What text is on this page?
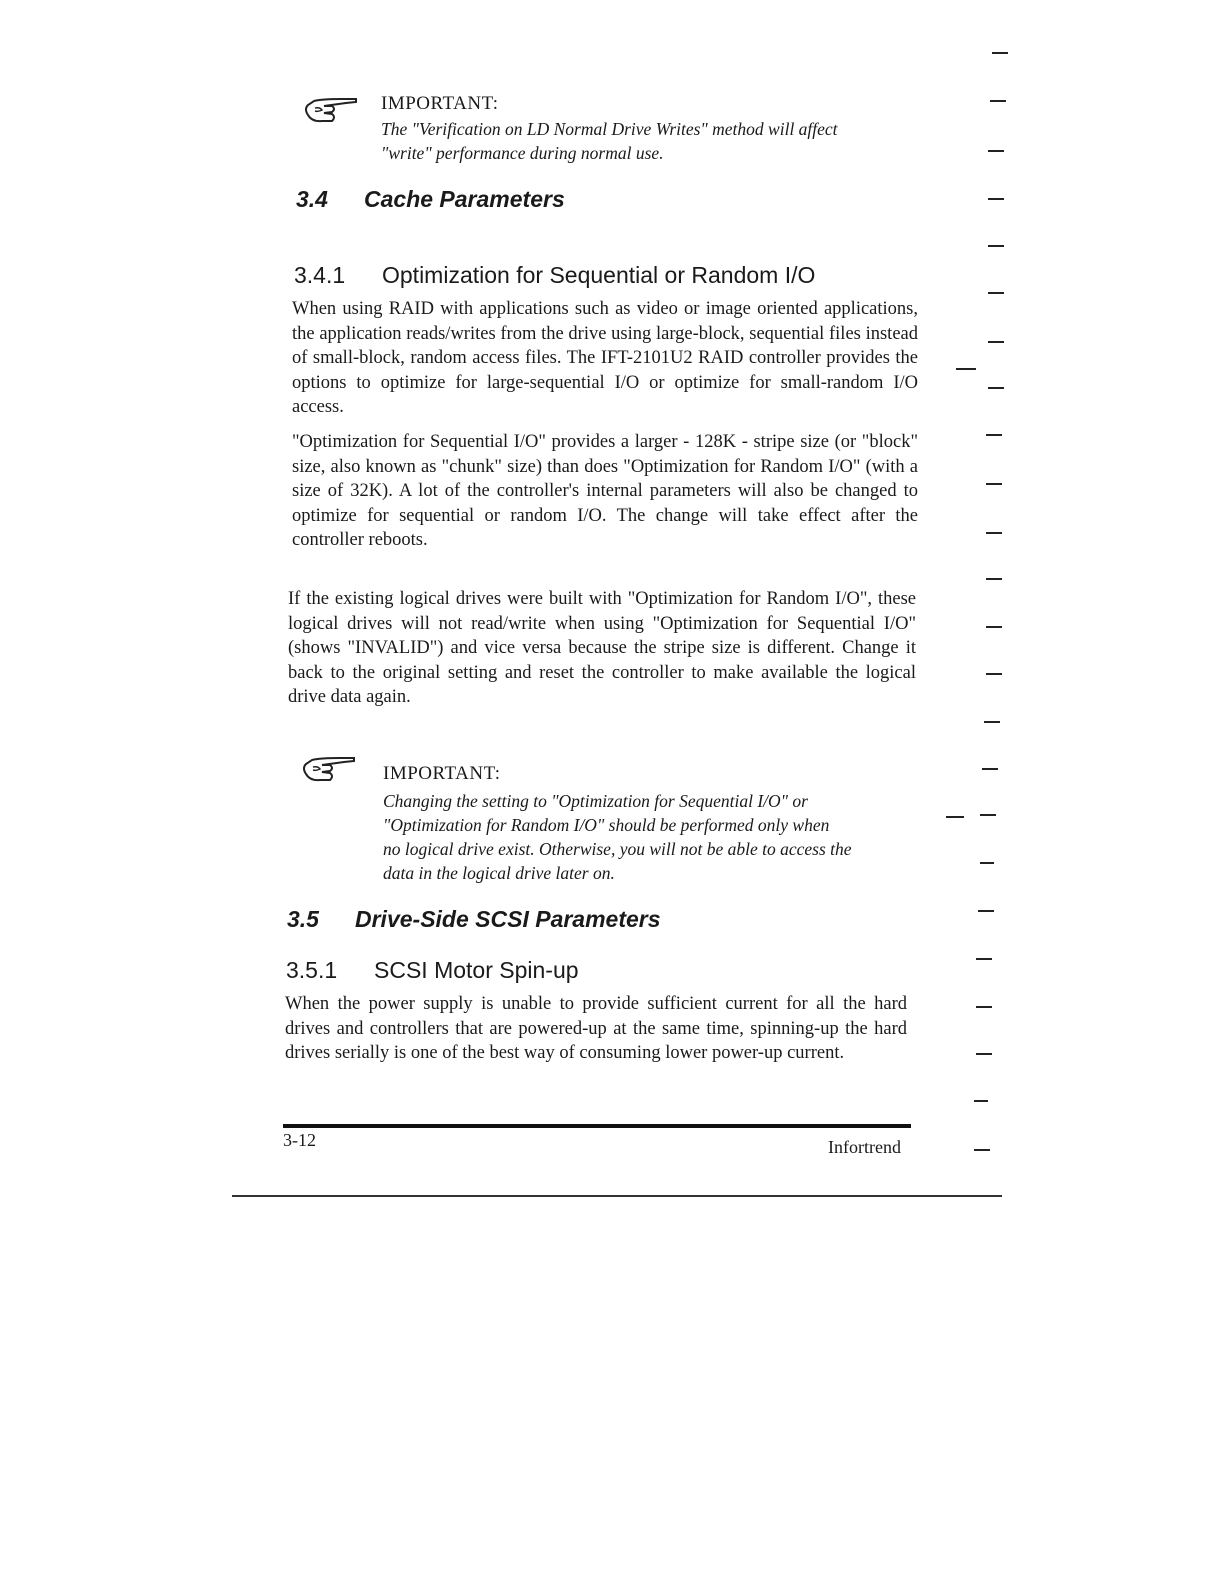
IMPORTANT:
The "Verification on LD Normal Drive Writes" method will affect
"write" performance during normal use.
3.4 Cache Parameters
3.4.1 Optimization for Sequential or Random I/O
When using RAID with applications such as video or image oriented applications, the application reads/writes from the drive using large-block, sequential files instead of small-block, random access files. The IFT-2101U2 RAID controller provides the options to optimize for large-sequential I/O or optimize for small-random I/O access.
"Optimization for Sequential I/O" provides a larger - 128K - stripe size (or "block" size, also known as "chunk" size) than does "Optimization for Random I/O" (with a size of 32K). A lot of the controller's internal parameters will also be changed to optimize for sequential or random I/O. The change will take effect after the controller reboots.
If the existing logical drives were built with "Optimization for Random I/O", these logical drives will not read/write when using "Optimization for Sequential I/O" (shows "INVALID") and vice versa because the stripe size is different. Change it back to the original setting and reset the controller to make available the logical drive data again.
IMPORTANT:
Changing the setting to "Optimization for Sequential I/O" or
"Optimization for Random I/O" should be performed only when
no logical drive exist. Otherwise, you will not be able to access the
data in the logical drive later on.
3.5 Drive-Side SCSI Parameters
3.5.1 SCSI Motor Spin-up
When the power supply is unable to provide sufficient current for all the hard drives and controllers that are powered-up at the same time, spinning-up the hard drives serially is one of the best way of consuming lower power-up current.
3-12	Infortrend
